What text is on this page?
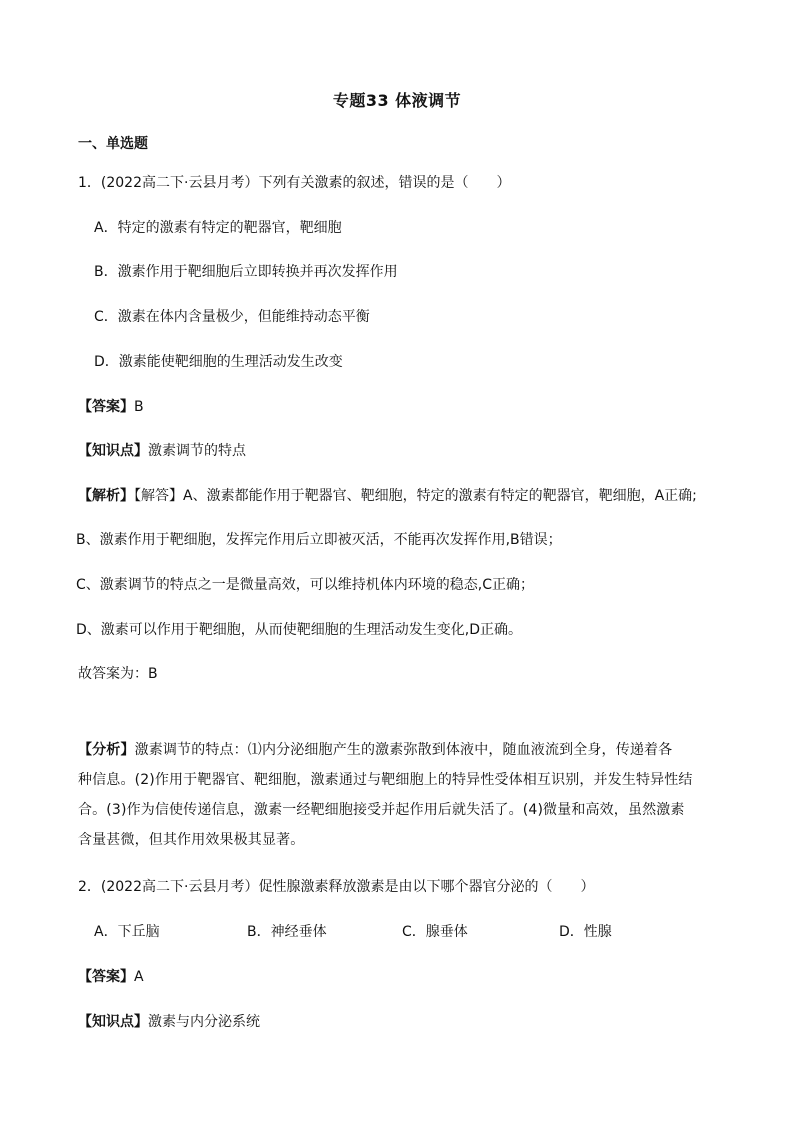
专题33 体液调节
一、单选题
1．(2022高二下·云县月考）下列有关激素的叙述，错误的是（　　）
A．特定的激素有特定的靶器官，靶细胞
B．激素作用于靶细胞后立即转换并再次发挥作用
C．激素在体内含量极少，但能维持动态平衡
D．激素能使靶细胞的生理活动发生改变
【答案】B
【知识点】激素调节的特点
【解析】【解答】A、激素都能作用于靶器官、靶细胞，特定的激素有特定的靶器官，靶细胞，A正确;
B、激素作用于靶细胞，发挥完作用后立即被灭活，不能再次发挥作用,B错误；
C、激素调节的特点之一是微量高效，可以维持机体内环境的稳态,C正确；
D、激素可以作用于靶细胞，从而使靶细胞的生理活动发生变化,D正确。
故答案为：B
【分析】激素调节的特点：⑴内分泌细胞产生的激素弥散到体液中，随血液流到全身，传递着各
种信息。(2)作用于靶器官、靶细胞，激素通过与靶细胞上的特异性受体相互识别，并发生特异性结
合。(3)作为信使传递信息，激素一经靶细胞接受并起作用后就失活了。(4)微量和高效，虽然激素
含量甚微，但其作用效果极其显著。
2．(2022高二下·云县月考）促性腺激素释放激素是由以下哪个器官分泌的（　　）
A．下丘脑	B．神经垂体	C．腺垂体	D．性腺
【答案】A
【知识点】激素与内分泌系统
